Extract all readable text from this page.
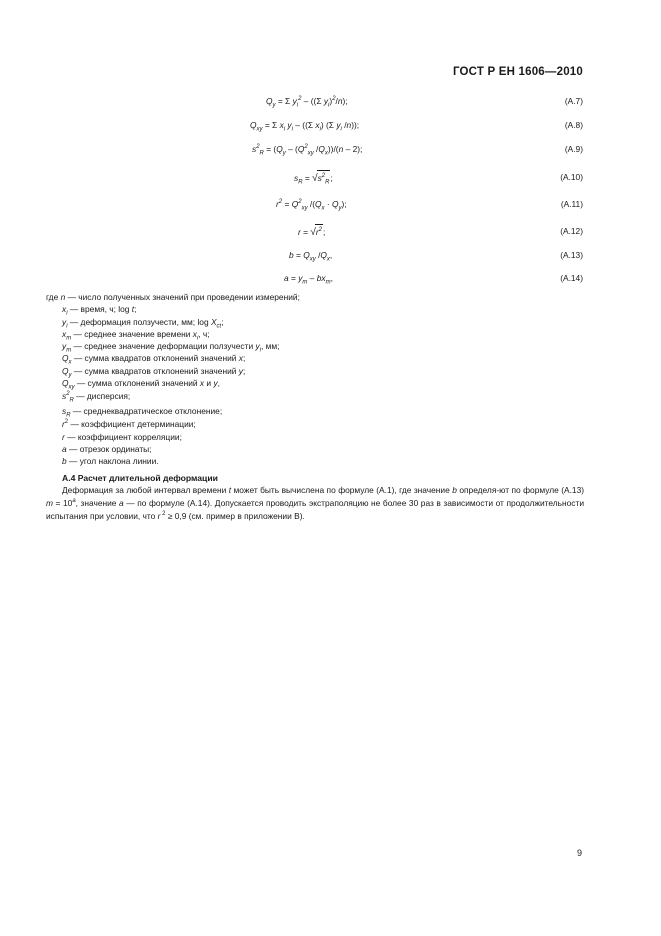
ГОСТ Р ЕН 1606—2010
$Q_y = \Sigma$ $y_i^2 - ((\Sigma$ $y_i)^2/n$);	(A.7)
$Q_{xy} = \Sigma$ $x_i$ $y_i - ((\Sigma$ $x_i$) (Σ $y_i$ /n));	(A.8)
$s^2_R = (Q_y - (Q^2_{xy}$ $/Q_x))/(n - 2)$;	(A.9)
$s_R = √s^2_R$;	(A.10)
$r^2 = Q^2_{xy}$ $/(Q_x \cdot Q_y)$;	(A.11)
$r = √r^2$;	(A.12)
$b = Q_{xy}$ $/Q_x$,	(A.13)
$a = y_m - bx_m$,	(A.14)
где n — число полученных значений при проведении измерений;
$x_i$ — время, ч; log t;
$y_i$ — деформация ползучести, мм; $\log X_{ct}$;
$x_m$ — среднее значение времени $x_i$, ч;
$y_m$ — среднее значение деформации ползучести $y_i$, мм;
$Q_x$ — сумма квадратов отклонений значений x;
$Q_y$ — сумма квадратов отклонений значений y;
$Q_{xy}$ — сумма отклонений значений x и y,
$s^2_R$ — дисперсия;
$s_R$ — среднеквадратическое отклонение;
$r^2$ — коэффициент детерминации;
r — коэффициент корреляции;
a — отрезок ординаты;
b — угол наклона линии.
А.4 Расчет длительной деформации
Деформация за любой интервал времени t может быть вычислена по формуле (А.1), где значение b определя-ют по формуле (А.13) $m = 10^a$, значение a — по формуле (А.14). Допускается проводить экстраполяцию не более 30 раз в зависимости от продолжительности испытания при условии, что r $^2$ ≥ 0,9 (см. пример в приложении В).
9
